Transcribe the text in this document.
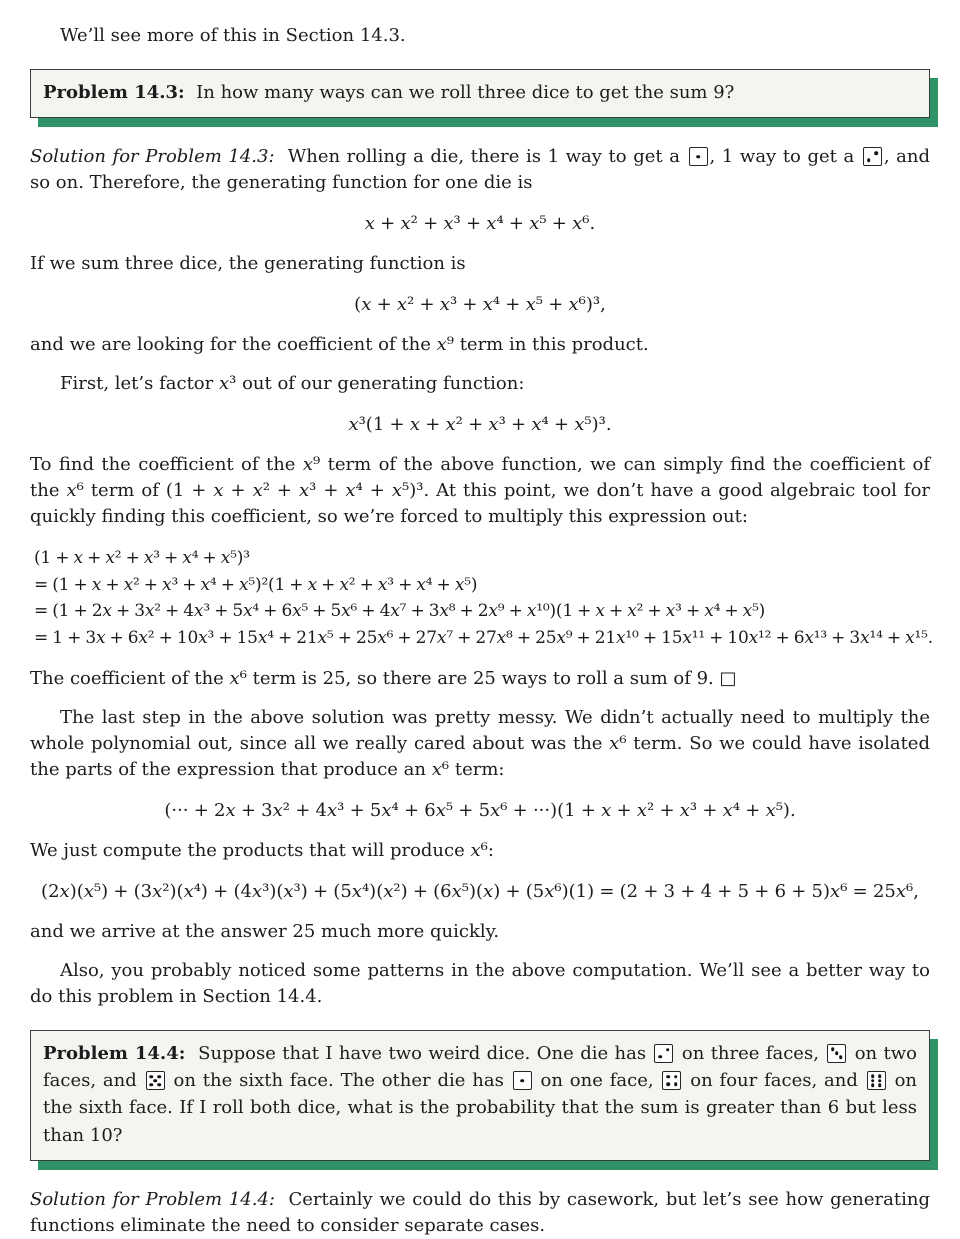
We’ll see more of this in Section 14.3.

Problem 14.3:  In how many ways can we roll three dice to get the sum 9?

Solution for Problem 14.3:  When rolling a die, there is 1 way to get a
, 1 way to get a
, and so on. Therefore, the generating function for one die is

x + x² + x³ + x⁴ + x⁵ + x⁶.

If we sum three dice, the generating function is

(x + x² + x³ + x⁴ + x⁵ + x⁶)³,

and we are looking for the coefficient of the x⁹ term in this product.

First, let’s factor x³ out of our generating function:

x³(1 + x + x² + x³ + x⁴ + x⁵)³.

To find the coefficient of the x⁹ term of the above function, we can simply find the coefficient of the x⁶ term of (1 + x + x² + x³ + x⁴ + x⁵)³. At this point, we don’t have a good algebraic tool for quickly finding this coefficient, so we’re forced to multiply this expression out:

(1 + x + x² + x³ + x⁴ + x⁵)³
= (1 + x + x² + x³ + x⁴ + x⁵)²(1 + x + x² + x³ + x⁴ + x⁵)
= (1 + 2x + 3x² + 4x³ + 5x⁴ + 6x⁵ + 5x⁶ + 4x⁷ + 3x⁸ + 2x⁹ + x¹⁰)(1 + x + x² + x³ + x⁴ + x⁵)
= 1 + 3x + 6x² + 10x³ + 15x⁴ + 21x⁵ + 25x⁶ + 27x⁷ + 27x⁸ + 25x⁹ + 21x¹⁰ + 15x¹¹ + 10x¹² + 6x¹³ + 3x¹⁴ + x¹⁵.

The coefficient of the x⁶ term is 25, so there are 25 ways to roll a sum of 9. □

The last step in the above solution was pretty messy. We didn’t actually need to multiply the whole polynomial out, since all we really cared about was the x⁶ term. So we could have isolated the parts of the expression that produce an x⁶ term:

(··· + 2x + 3x² + 4x³ + 5x⁴ + 6x⁵ + 5x⁶ + ···)(1 + x + x² + x³ + x⁴ + x⁵).

We just compute the products that will produce x⁶:

(2x)(x⁵) + (3x²)(x⁴) + (4x³)(x³) + (5x⁴)(x²) + (6x⁵)(x) + (5x⁶)(1) = (2 + 3 + 4 + 5 + 6 + 5)x⁶ = 25x⁶,

and we arrive at the answer 25 much more quickly.

Also, you probably noticed some patterns in the above computation. We’ll see a better way to do this problem in Section 14.4.

Problem 14.4:  Suppose that I have two weird dice. One die has
on three faces,
on two faces, and
on the sixth face. The other die has
on one face,
on four faces, and
on the sixth face. If I roll both dice, what is the probability that the sum is greater than 6 but less than 10?

Solution for Problem 14.4:  Certainly we could do this by casework, but let’s see how generating functions eliminate the need to consider separate cases.
